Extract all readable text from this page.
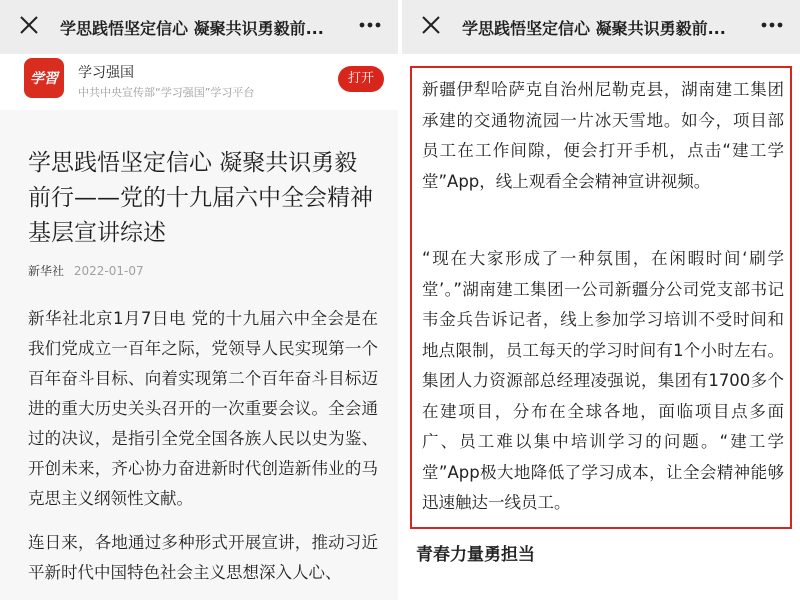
学思践悟坚定信心 凝聚共识勇毅前...
学習 学习强国
中共中央宣传部“学习强国”学习平台
打开
学思践悟坚定信心 凝聚共识勇毅前行——党的十九届六中全会精神基层宣讲综述
新华社 2022-01-07
新华社北京1月7日电 党的十九届六中全会是在我们党成立一百年之际，党领导人民实现第一个百年奋斗目标、向着实现第二个百年奋斗目标迈进的重大历史关头召开的一次重要会议。全会通过的决议，是指引全党全国各族人民以史为鉴、开创未来，齐心协力奋进新时代创造新伟业的马克思主义纲领性文献。
连日来，各地通过多种形式开展宣讲，推动习近平新时代中国特色社会主义思想深入人心、
学思践悟坚定信心 凝聚共识勇毅前...
新疆伊犁哈萨克自治州尼勒克县，湖南建工集团承建的交通物流园一片冰天雪地。如今，项目部员工在工作间隙，便会打开手机，点击“建工学堂”App，线上观看全会精神宣讲视频。
“现在大家形成了一种氛围，在闲暇时间‘刷学堂’。”湖南建工集团一公司新疆分公司党支部书记韦金兵告诉记者，线上参加学习培训不受时间和地点限制，员工每天的学习时间有1个小时左右。集团人力资源部总经理凌强说，集团有1700多个在建项目，分布在全球各地，面临项目点多面广、员工难以集中培训学习的问题。“建工学堂”App极大地降低了学习成本，让全会精神能够迅速触达一线员工。
青春力量勇担当
